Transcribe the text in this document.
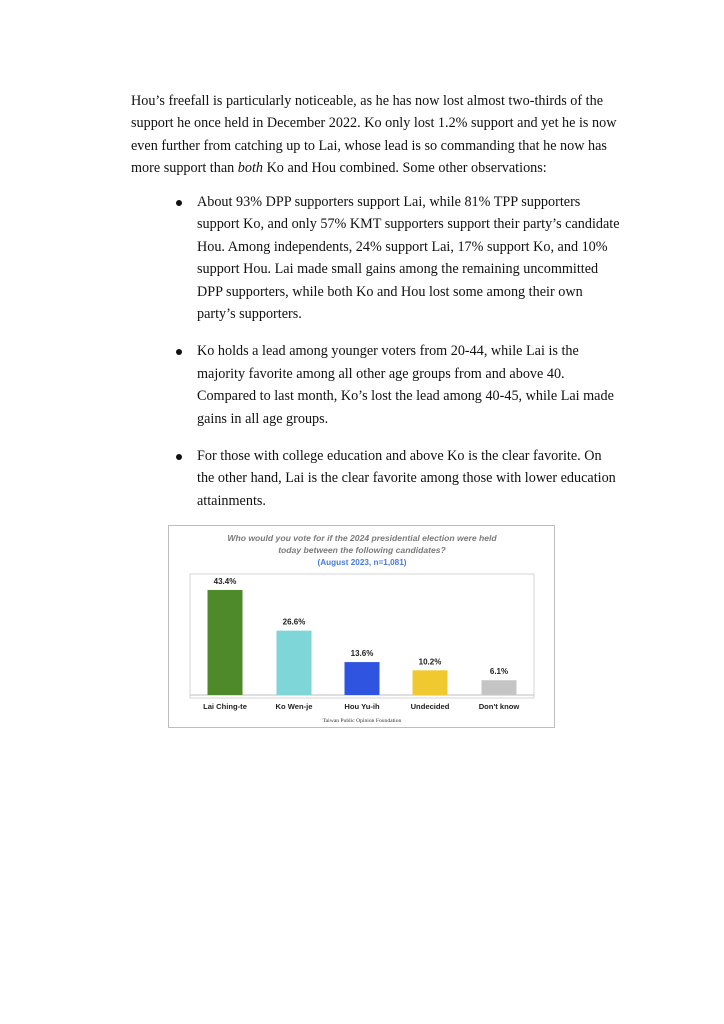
Hou’s freefall is particularly noticeable, as he has now lost almost two-thirds of the support he once held in December 2022. Ko only lost 1.2% support and yet he is now even further from catching up to Lai, whose lead is so commanding that he now has more support than both Ko and Hou combined. Some other observations:

About 93% DPP supporters support Lai, while 81% TPP supporters support Ko, and only 57% KMT supporters support their party’s candidate Hou. Among independents, 24% support Lai, 17% support Ko, and 10% support Hou. Lai made small gains among the remaining uncommitted DPP supporters, while both Ko and Hou lost some among their own party’s supporters.
Ko holds a lead among younger voters from 20-44, while Lai is the majority favorite among all other age groups from and above 40. Compared to last month, Ko’s lost the lead among 40-45, while Lai made gains in all age groups.
For those with college education and above Ko is the clear favorite. On the other hand, Lai is the clear favorite among those with lower education attainments.
Who would you vote for if the 2024 presidential election were held
today between the following candidates?
(August 2023, n=1,081)
43.4%
Lai Ching-te
26.6%
Ko Wen-je
13.6%
Hou Yu-ih
10.2%
Undecided
6.1%
Don't know
Taiwan Public Opinion Foundation
